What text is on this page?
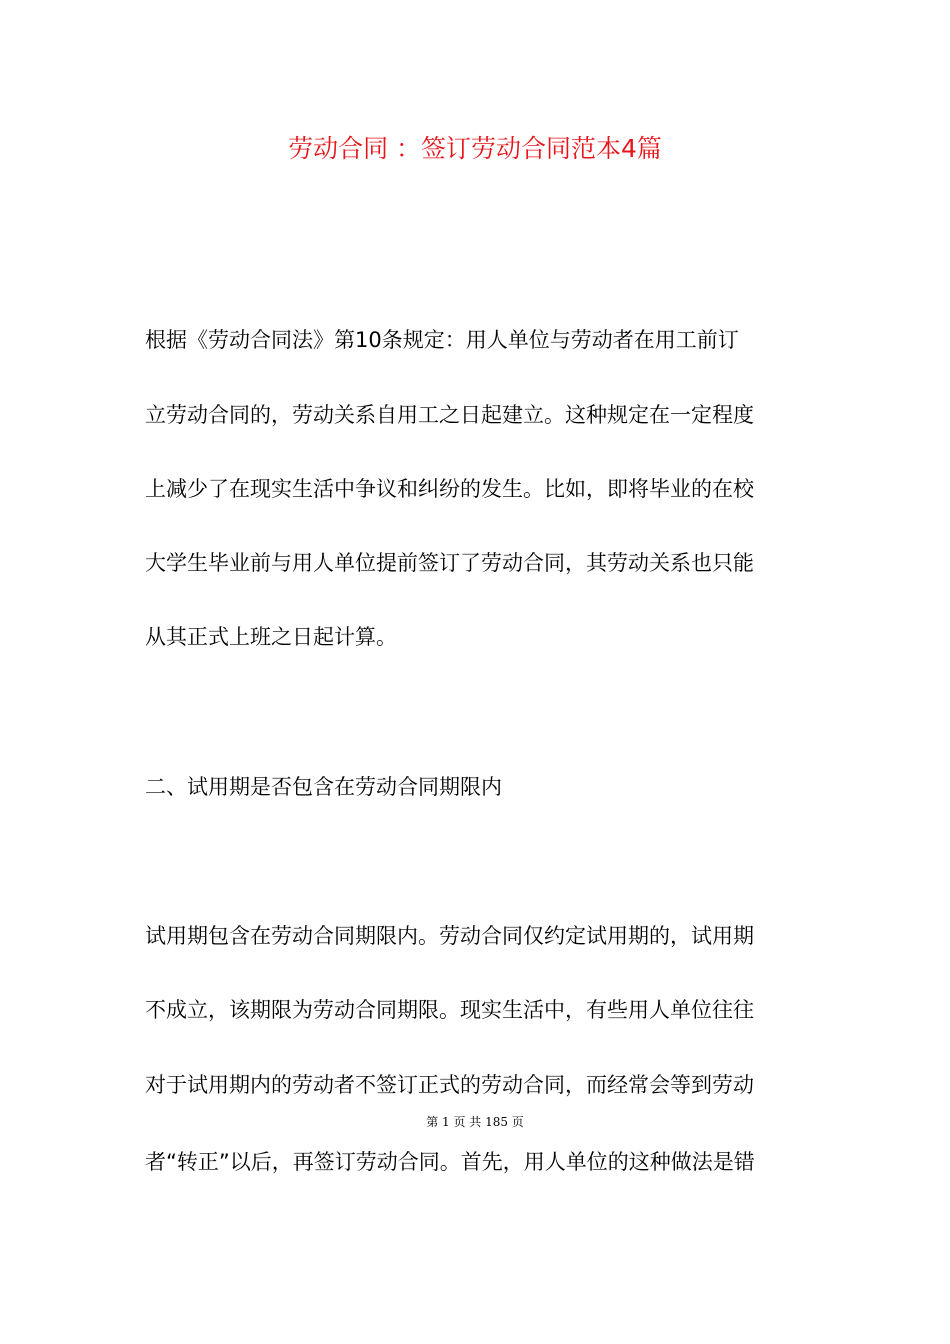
劳动合同 ：签订劳动合同范本4篇
根据《劳动合同法》第10条规定：用人单位与劳动者在用工前订
立劳动合同的，劳动关系自用工之日起建立。这种规定在一定程度
上减少了在现实生活中争议和纠纷的发生。比如，即将毕业的在校
大学生毕业前与用人单位提前签订了劳动合同，其劳动关系也只能
从其正式上班之日起计算。
二、试用期是否包含在劳动合同期限内
试用期包含在劳动合同期限内。劳动合同仅约定试用期的，试用期
不成立，该期限为劳动合同期限。现实生活中，有些用人单位往往
对于试用期内的劳动者不签订正式的劳动合同，而经常会等到劳动
者“转正”以后，再签订劳动合同。首先，用人单位的这种做法是错
第 1 页 共 185 页
